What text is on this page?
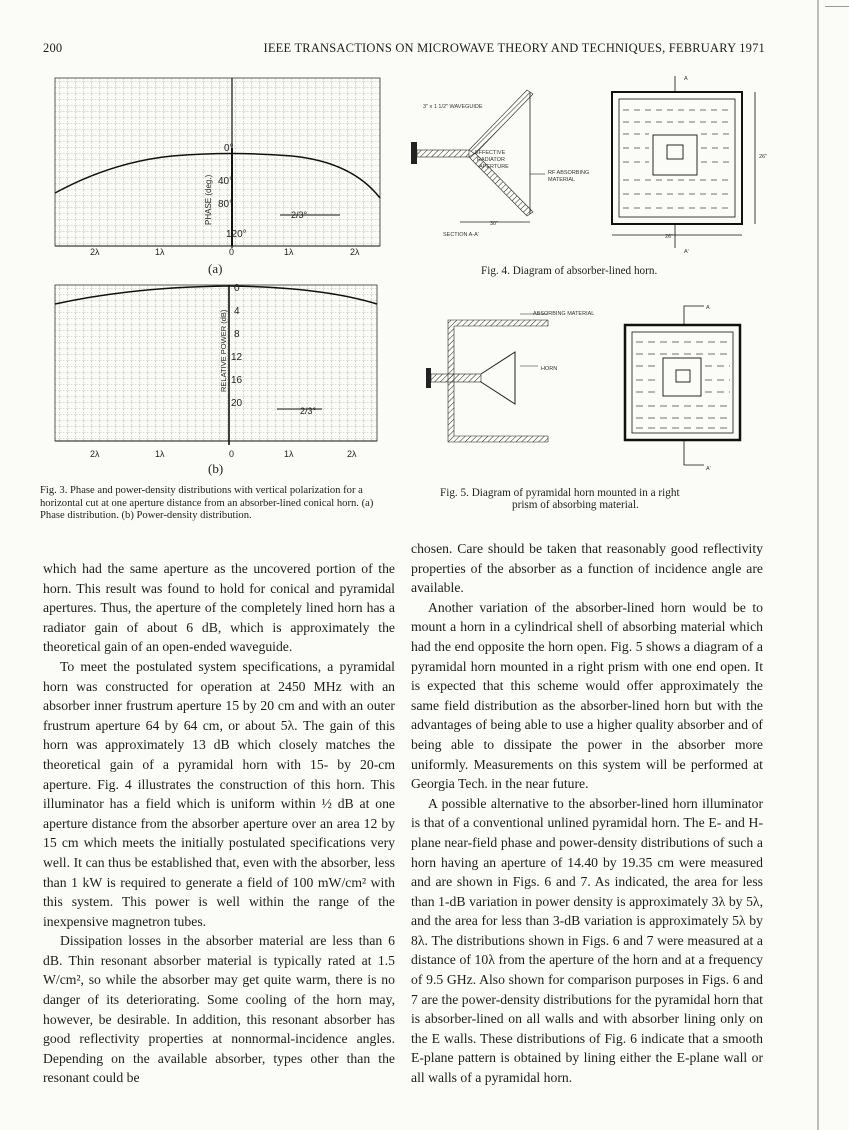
200	IEEE TRANSACTIONS ON MICROWAVE THEORY AND TECHNIQUES, FEBRUARY 1971
0°
40°
80°
120°
PHASE (deg.)	2/3°
2λ	1λ	0	1λ	2λ
(a)
0
4
8
12
16
20
RELATIVE POWER (dB)
2/3°
2λ	1λ	0	1λ	2λ
(b)
Fig. 3. Phase and power-density distributions with vertical polarization for a horizontal cut at one aperture distance from an absorber-lined conical horn. (a) Phase distribution. (b) Power-density distribution.
3" x 1 1/2" WAVEGUIDE
EFFECTIVE
RADIATOR
APERTURE
RF ABSORBING
MATERIAL
30"
SECTION A-A'
A
A'
26"
26"
Fig. 4. Diagram of absorber-lined horn.
ABSORBING MATERIAL
HORN
A
A'
Fig. 5. Diagram of pyramidal horn mounted in a right
prism of absorbing material.

which had the same aperture as the uncovered portion of the horn. This result was found to hold for conical and pyramidal apertures. Thus, the aperture of the completely lined horn has a radiator gain of about 6 dB, which is approximately the theoretical gain of an open-ended waveguide.

To meet the postulated system specifications, a pyramidal horn was constructed for operation at 2450 MHz with an absorber inner frustrum aperture 15 by 20 cm and with an outer frustrum aperture 64 by 64 cm, or about 5λ. The gain of this horn was approximately 13 dB which closely matches the theoretical gain of a pyramidal horn with 15- by 20-cm aperture. Fig. 4 illustrates the construction of this horn. This illuminator has a field which is uniform within ½ dB at one aperture distance from the absorber aperture over an area 12 by 15 cm which meets the initially postulated specifications very well. It can thus be established that, even with the absorber, less than 1 kW is required to generate a field of 100 mW/cm² with this system. This power is well within the range of the inexpensive magnetron tubes.

Dissipation losses in the absorber material are less than 6 dB. Thin resonant absorber material is typically rated at 1.5 W/cm², so while the absorber may get quite warm, there is no danger of its deteriorating. Some cooling of the horn may, however, be desirable. In addition, this resonant absorber has good reflectivity properties at nonnormal-incidence angles. Depending on the available absorber, types other than the resonant could be

chosen. Care should be taken that reasonably good reflectivity properties of the absorber as a function of incidence angle are available.

Another variation of the absorber-lined horn would be to mount a horn in a cylindrical shell of absorbing material which had the end opposite the horn open. Fig. 5 shows a diagram of a pyramidal horn mounted in a right prism with one end open. It is expected that this scheme would offer approximately the same field distribution as the absorber-lined horn but with the advantages of being able to use a higher quality absorber and of being able to dissipate the power in the absorber more uniformly. Measurements on this system will be performed at Georgia Tech. in the near future.

A possible alternative to the absorber-lined horn illuminator is that of a conventional unlined pyramidal horn. The E- and H-plane near-field phase and power-density distributions of such a horn having an aperture of 14.40 by 19.35 cm were measured and are shown in Figs. 6 and 7. As indicated, the area for less than 1-dB variation in power density is approximately 3λ by 5λ, and the area for less than 3-dB variation is approximately 5λ by 8λ. The distributions shown in Figs. 6 and 7 were measured at a distance of 10λ from the aperture of the horn and at a frequency of 9.5 GHz. Also shown for comparison purposes in Figs. 6 and 7 are the power-density distributions for the pyramidal horn that is absorber-lined on all walls and with absorber lining only on the E walls. These distributions of Fig. 6 indicate that a smooth E-plane pattern is obtained by lining either the E-plane wall or all walls of a pyramidal horn.
